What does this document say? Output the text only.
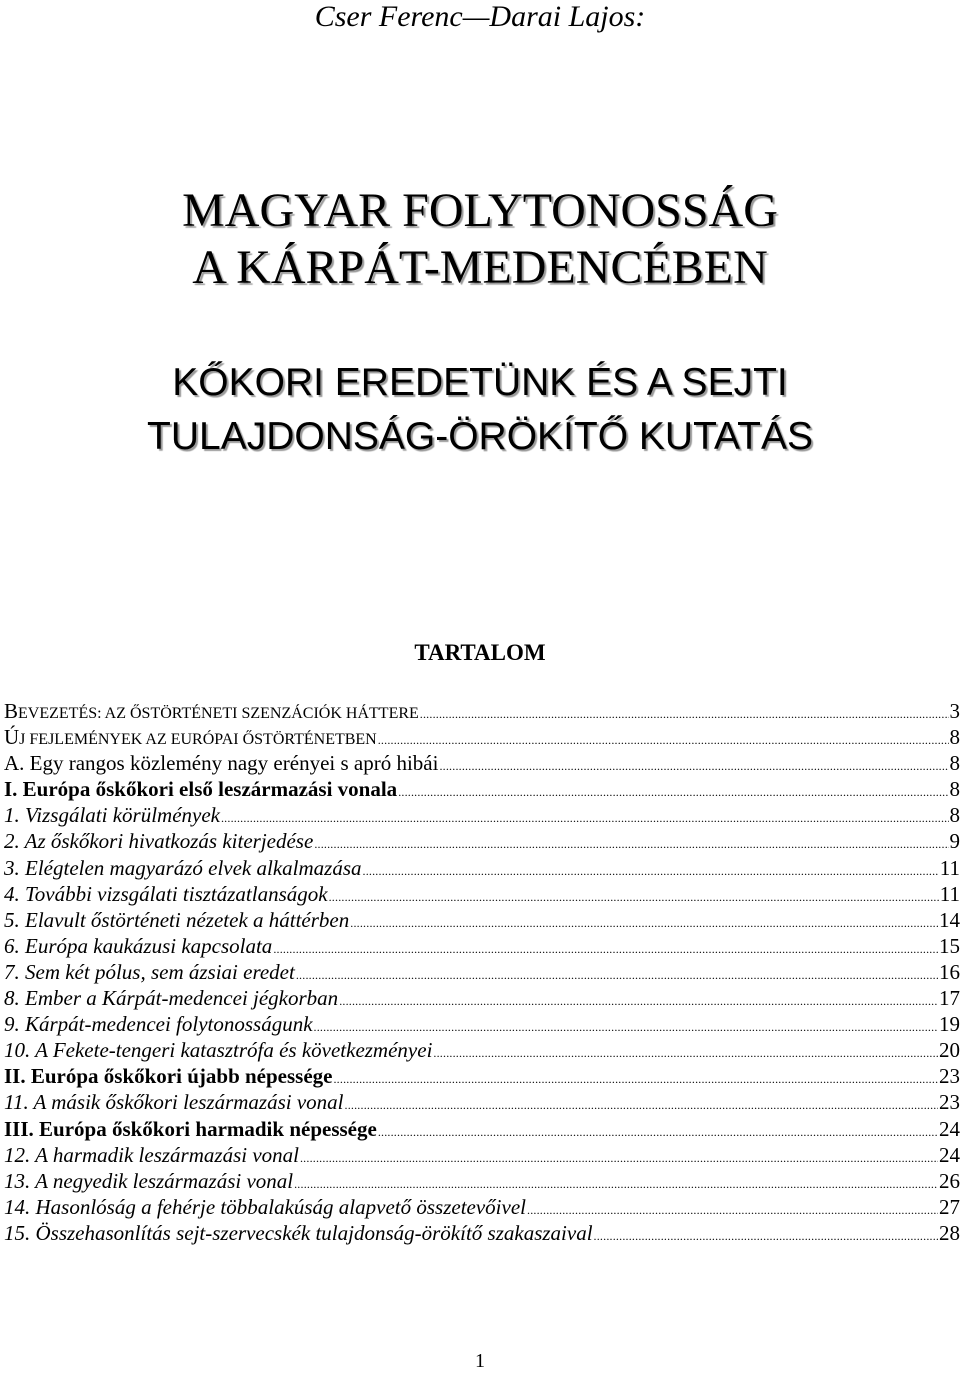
Cser Ferenc—Darai Lajos:
MAGYAR FOLYTONOSSÁG
A KÁRPÁT-MEDENCÉBEN
KŐKORI EREDETÜNK ÉS A SEJTI
TULAJDONSÁG-ÖRÖKÍTŐ KUTATÁS
TARTALOM
BEVEZETÉS: AZ ŐSTÖRTÉNETI SZENZÁCIÓK HÁTTERE .....	3
ÚJ FEJLEMÉNYEK AZ EURÓPAI ŐSTÖRTÉNETBEN .....	8
A. Egy rangos közlemény nagy erényei s apró hibái .....	8
I. Európa őskőkori első leszármazási vonala .....	8
1. Vizsgálati körülmények .....	8
2. Az őskőkori hivatkozás kiterjedése .....	9
3. Elégtelen magyarázó elvek alkalmazása .....	11
4. További vizsgálati tisztázatlanságok .....	11
5. Elavult őstörténeti nézetek a háttérben .....	14
6. Európa kaukázusi kapcsolata .....	15
7. Sem két pólus, sem ázsiai eredet .....	16
8. Ember a Kárpát-medencei jégkorban .....	17
9. Kárpát-medencei folytonosságunk .....	19
10. A Fekete-tengeri katasztrófa és következményei .....	20
II. Európa őskőkori újabb népessége .....	23
11. A másik őskőkori leszármazási vonal .....	23
III. Európa őskőkori harmadik népessége .....	24
12. A harmadik leszármazási vonal .....	24
13. A negyedik leszármazási vonal .....	26
14. Hasonlóság a fehérje többalakúság alapvető összetevőivel .....	27
15. Összehasonlítás sejt-szervecskék tulajdonság-örökítő szakaszaival .....	28
1
